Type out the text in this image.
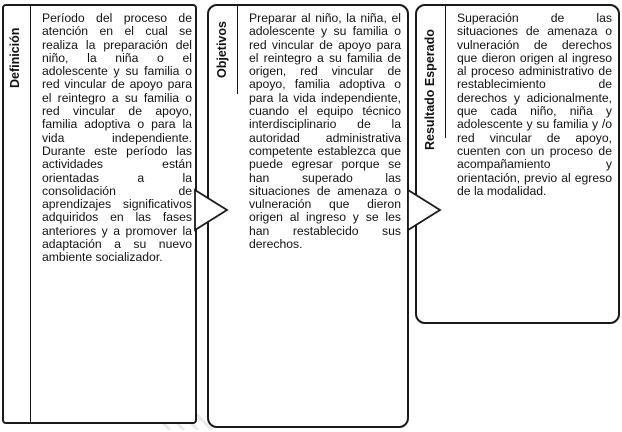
Definición
Período del proceso de atención en el cual se realiza la preparación del niño, la niña o el adolescente y su familia o red vincular de apoyo para el reintegro a su familia o red vincular de apoyo, familia adoptiva o para la vida independiente. Durante este período las actividades están orientadas a la consolidación de aprendizajes significativos adquiridos en las fases anteriores y a promover la adaptación a su nuevo ambiente socializador.
Objetivos
Preparar al niño, la niña, el adolescente y su familia o red vincular de apoyo para el reintegro a su familia de origen, red vincular de apoyo, familia adoptiva o para la vida independiente, cuando el equipo técnico interdisciplinario de la autoridad administrativa competente establezca que puede egresar porque se han superado las situaciones de amenaza o vulneración que dieron origen al ingreso y se les han restablecido sus derechos.
Resultado Esperado
Superación de las situaciones de amenaza o vulneración de derechos que dieron origen al ingreso al proceso administrativo de restablecimiento de derechos y adicionalmente, que cada niño, niña y adolescente y su familia y /o red vincular de apoyo, cuenten con un proceso de acompañamiento y orientación, previo al egreso de la modalidad.
